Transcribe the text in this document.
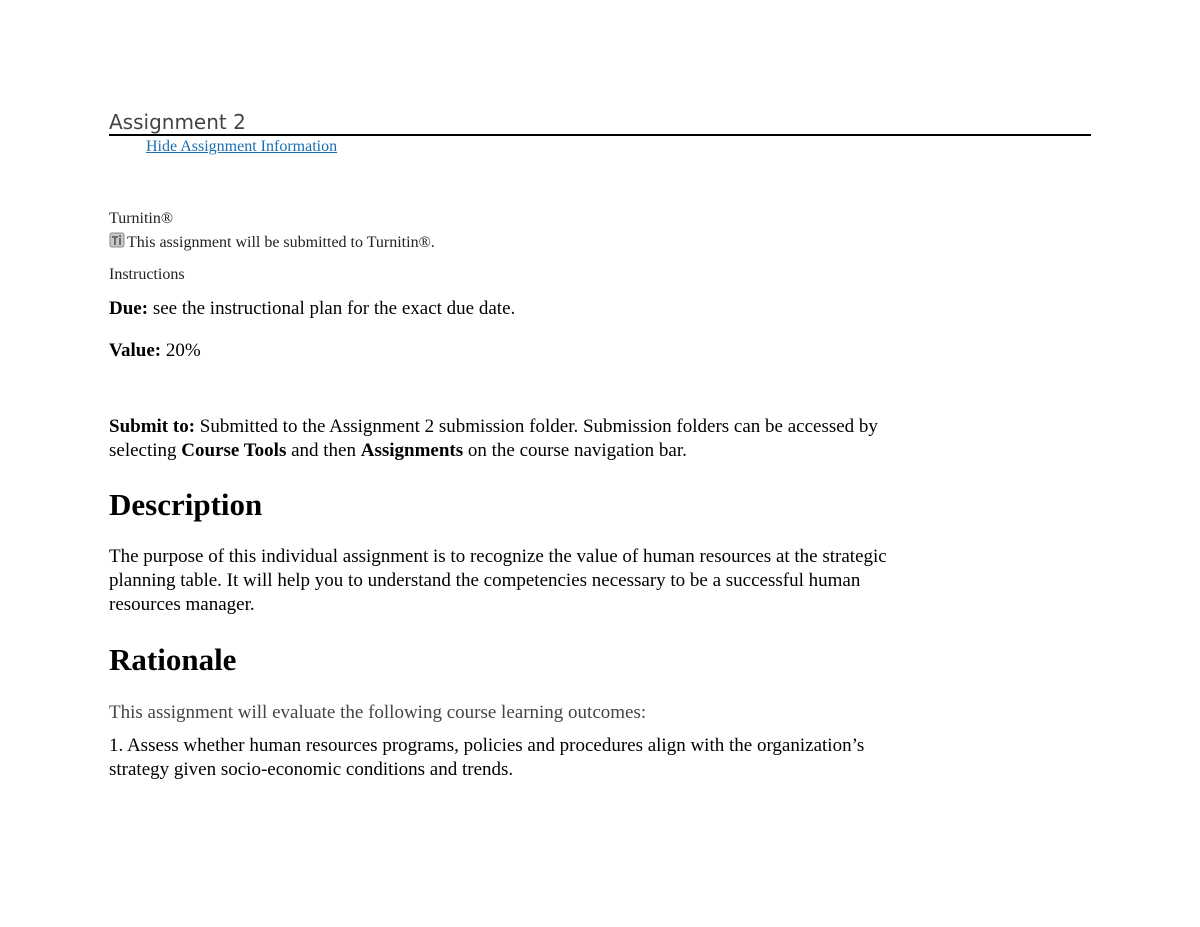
Assignment 2
Hide Assignment Information
Turnitin®
This assignment will be submitted to Turnitin®.
Instructions

Due: see the instructional plan for the exact due date.

Value: 20%

Submit to: Submitted to the Assignment 2 submission folder. Submission folders can be accessed by selecting Course Tools and then Assignments on the course navigation bar.

Description

The purpose of this individual assignment is to recognize the value of human resources at the strategic planning table. It will help you to understand the competencies necessary to be a successful human resources manager.

Rationale

This assignment will evaluate the following course learning outcomes:

1. Assess whether human resources programs, policies and procedures align with the organization’s strategy given socio-economic conditions and trends.
